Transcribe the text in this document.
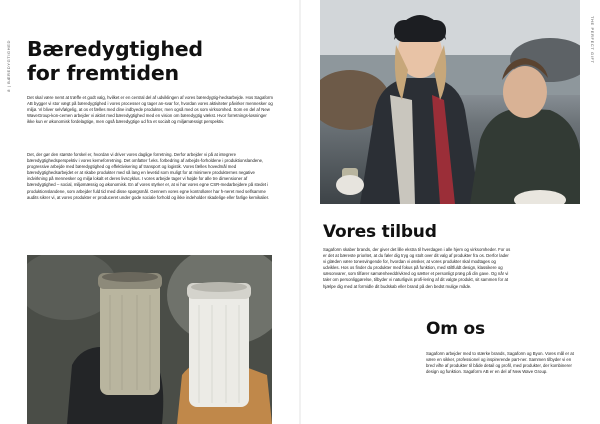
8 | BÆREDYGTIGHED
THE PERFECT GIFT
Bæredygtighed
for fremtiden

Det skal være nemt at træffe et godt valg, hvilket er en central del af udviklingen af vores bæredygtig-hedsarbejde. Hos Sagaform AB bygger vi stor vægt på bæredygtighed i vores processer og tager an-svar for, hvordan vores aktiviteter påvirker mennesker og miljø. Vi bliver selvfølgelig, at os et fælles med dine indbyede produkter, men også med os som virksomhed. Som en del af New WaveGroup-kon-cernen arbejder vi aktivt med bæredygtighed med en vision om bæredygtig vækst. Hvor forretnings-løsninger ikke kun er økonomisk fordelagtige, men også bæredygtige ud fra et socialt og miljømæssigt perspektiv.

Det, der gør den største forskel er, hvordan vi driver vores daglige forretning. Derfor arbejder vi på at integrere bæredygtighedsperspektiv i vores kerneforretning. Det omfatter f.eks. forbedring af arbejds-forholdene i produktionslandene, progressive arbejde med bæredygtighed og effektivisering af transport og logistik. Vores fælles hovedmål med bæredygtighedsarbejdet er at skabe produkter med så lang en levetid som muligt for at minimere produkternes negative indvirkning på mennesker og miljø lokalt et deres livscyklus. I vores arbejde tager vi højde for alle tre dimensioner af bæredygtighed – social, miljømæssig og økonomisk. En af vores styrker er, at vi har vores egne CSR-medarbejdere på stedet i produktionslandene, som arbejder fuld tid med disse spørgsmål. Gennem vores egne kontrollører har h-neret med selfsamme audits sikrer vi, at vores produkter er produceret under gode sociale forhold og ikke indeholder skadelige eller farlige kemikalier.

Vores tilbud

Sagaform skaber brands, der giver det lille ekstra til hverdagen i alle hjem og virksomheder. For os er det at bæreste prioritet, at du føler dig tryg og stolt over dit valg af produkter fra os. Derfor lader vi glæden være tonesvingende for, hvordan vi ønsker, at vores produkter skal modtages og udvikles. Hos os finder du produkter med fokus på funktion, med stiltfuldt design, klassikere og sæsonvarer, som tilfører sømænheeddrivkred og sætter et personligt præg på din gave. Og når vi taler om personliggørelse, tilbyder vi naturligvis profi-lering af dit valgte produkt, sit sammen for at hjælpe dig med at formidle dit budskab eller brand på den bedst mulige måde.

Om os

Sagaform arbejder med to stærke brands, Sagaform og Byon. Vores mål er at være en sikker, professionel og inspirerende part-ner. Sammen tilbyder vi en bred vifte af produkter til både detail og profil, med produkter, der kombinerer design og funktion. Sagaform AB er en del af New Wave Group.
